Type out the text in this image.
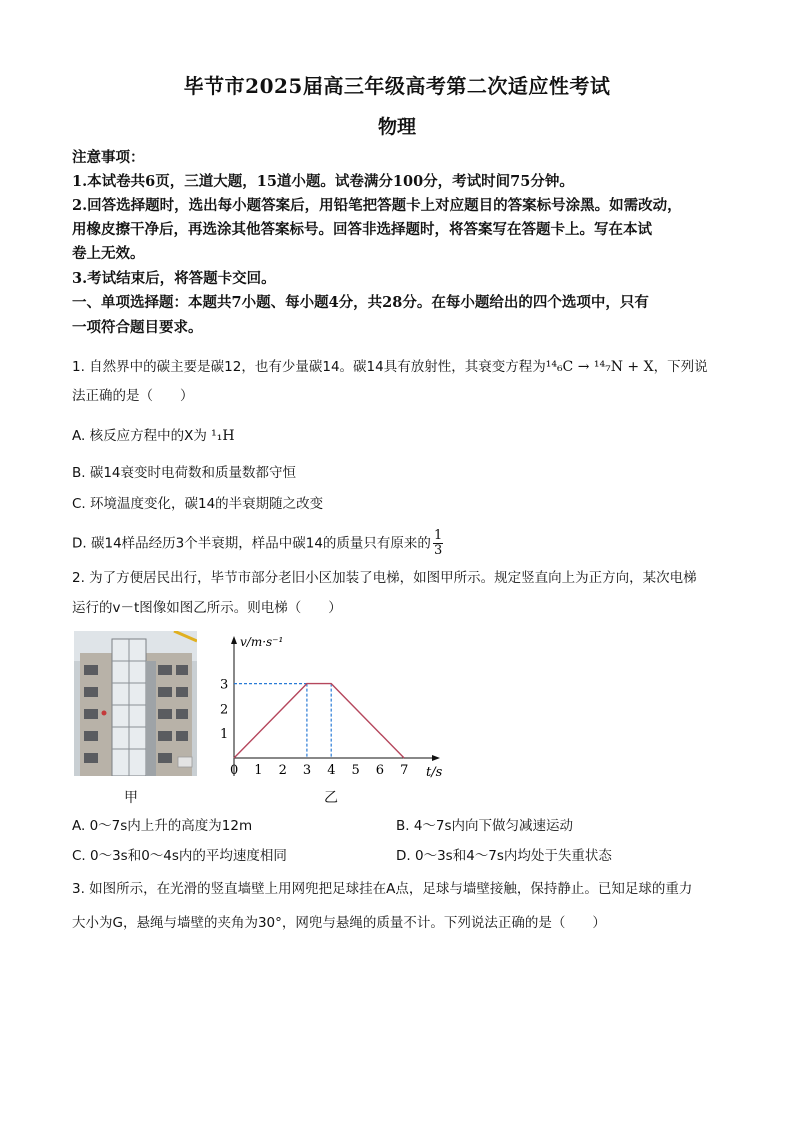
毕节市2025届高三年级高考第二次适应性考试
物理
注意事项：
1.本试卷共6页，三道大题，15道小题。试卷满分100分，考试时间75分钟。
2.回答选择题时，选出每小题答案后，用铅笔把答题卡上对应题目的答案标号涂黑。如需改动，
用橡皮擦干净后，再选涂其他答案标号。回答非选择题时，将答案写在答题卡上。写在本试
卷上无效。
3.考试结束后，将答题卡交回。
一、单项选择题：本题共7小题、每小题4分，共28分。在每小题给出的四个选项中，只有
一项符合题目要求。
1. 自然界中的碳主要是碳12，也有少量碳14。碳14具有放射性，其衰变方程为¹⁴₆C → ¹⁴₇N + X，下列说
法正确的是（　　）
A. 核反应方程中的X为 ¹₁H
B. 碳14衰变时电荷数和质量数都守恒
C. 环境温度变化，碳14的半衰期随之改变
D. 碳14样品经历3个半衰期，样品中碳14的质量只有原来的 $\frac{1}{3}$
2. 为了方便居民出行，毕节市部分老旧小区加装了电梯，如图甲所示。规定竖直向上为正方向，某次电梯
运行的v－t图像如图乙所示。则电梯（　　）
甲
v/m·s⁻¹
t/s
0 1 2 3 4 5 6 7
1
2
3
乙
A. 0～7s内上升的高度为12m	B. 4～7s内向下做匀减速运动
C. 0～3s和0～4s内的平均速度相同	D. 0～3s和4～7s内均处于失重状态
3. 如图所示，在光滑的竖直墙壁上用网兜把足球挂在A点，足球与墙壁接触，保持静止。已知足球的重力
大小为G，悬绳与墙壁的夹角为30°，网兜与悬绳的质量不计。下列说法正确的是（　　）
